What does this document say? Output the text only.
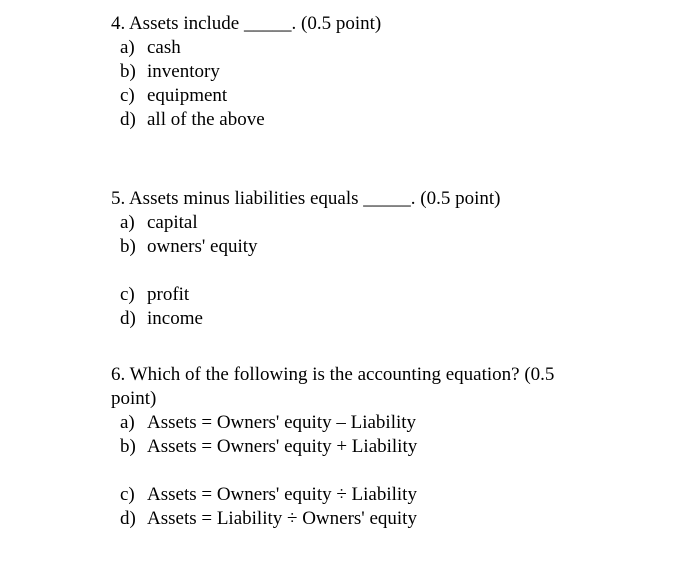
4. Assets include _____. (0.5 point)
a) cash
b) inventory
c) equipment
d) all of the above
5. Assets minus liabilities equals _____. (0.5 point)
a) capital
b) owners' equity
c) profit
d) income
6. Which of the following is the accounting equation? (0.5 point)
a) Assets = Owners' equity – Liability
b) Assets = Owners' equity + Liability
c) Assets = Owners' equity ÷ Liability
d) Assets = Liability ÷ Owners' equity
